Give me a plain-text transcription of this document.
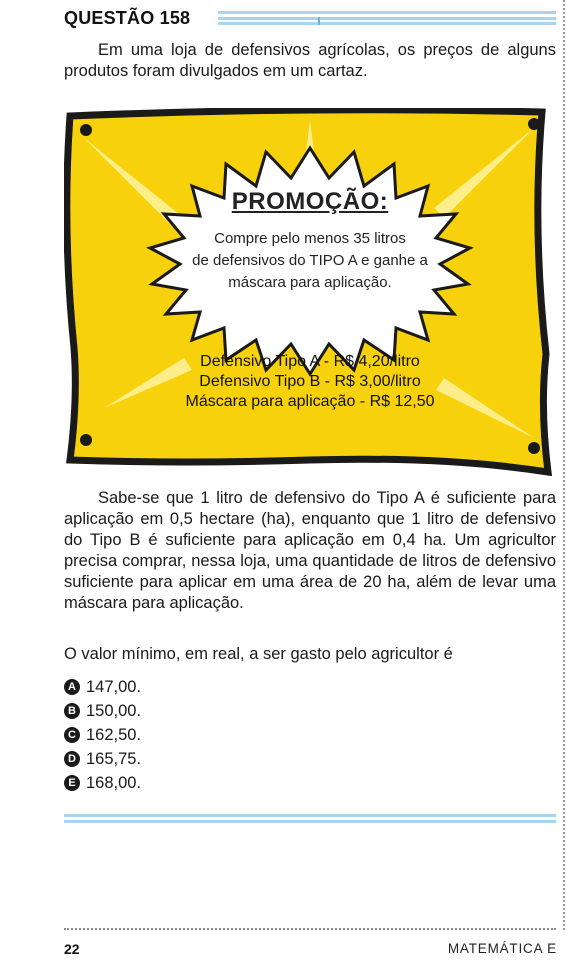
QUESTÃO 158

Em uma loja de defensivos agrícolas, os preços de alguns produtos foram divulgados em um cartaz.

PROMOÇÃO:
Compre pelo menos 35 litros
de defensivos do TIPO A e ganhe a
máscara para aplicação.
Defensivo Tipo A - R$ 4,20/litro
Defensivo Tipo B - R$ 3,00/litro
Máscara para aplicação - R$ 12,50

Sabe-se que 1 litro de defensivo do Tipo A é suficiente para aplicação em 0,5 hectare (ha), enquanto que 1 litro de defensivo do Tipo B é suficiente para aplicação em 0,4 ha. Um agricultor precisa comprar, nessa loja, uma quantidade de litros de defensivo suficiente para aplicar em uma área de 20 ha, além de levar uma máscara para aplicação.

O valor mínimo, em real, a ser gasto pelo agricultor é

A 147,00.
B 150,00.
C 162,50.
D 165,75.
E 168,00.
22	MATEMÁTICA E
